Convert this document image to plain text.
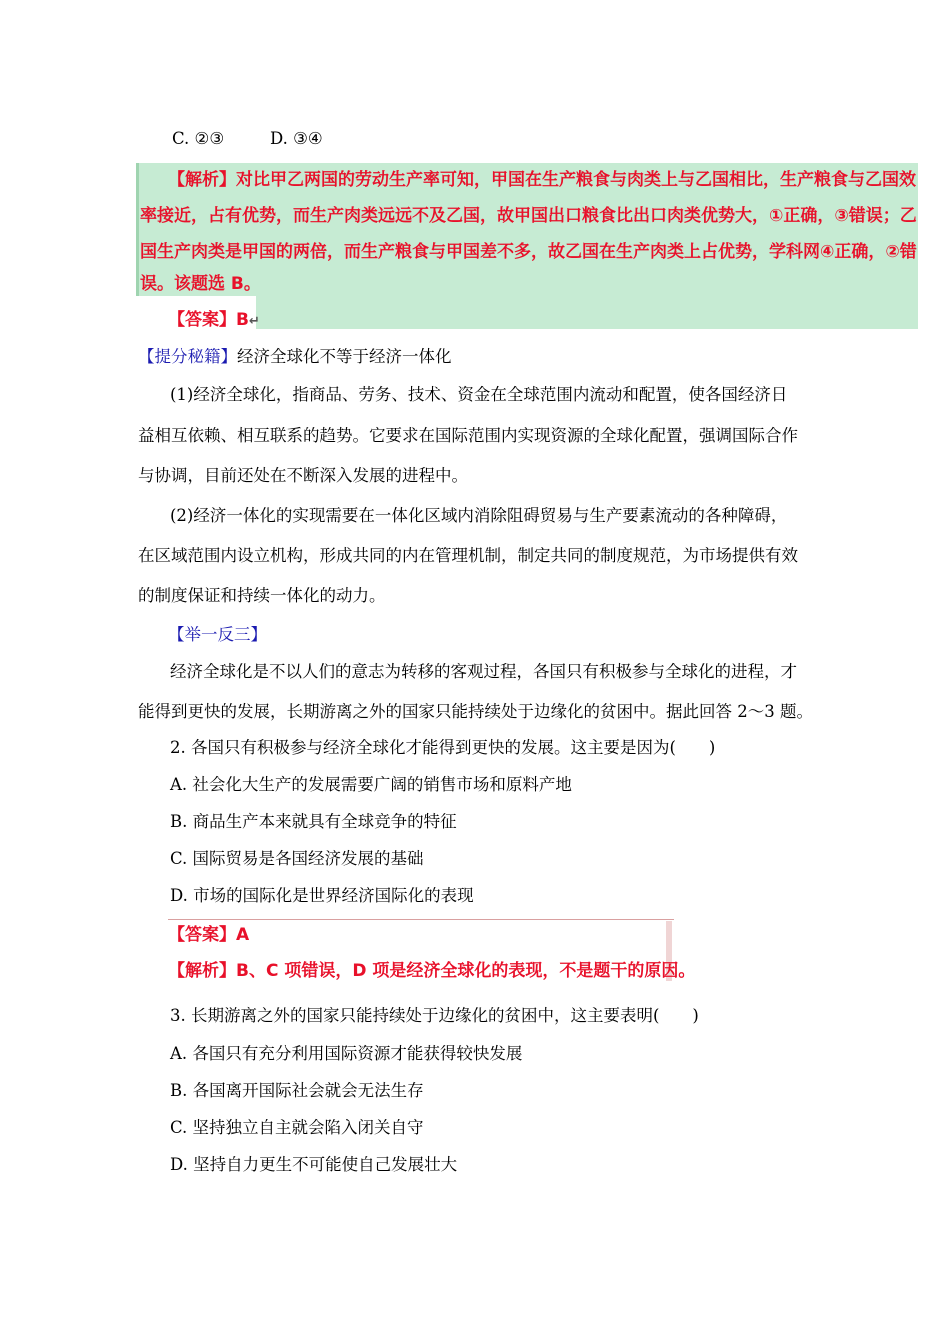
C. ②③	D. ③④
【解析】对比甲乙两国的劳动生产率可知，甲国在生产粮食与肉类上与乙国相比，生产粮食与乙国效
率接近，占有优势，而生产肉类远远不及乙国，故甲国出口粮食比出口肉类优势大，①正确，③错误；乙
国生产肉类是甲国的两倍，而生产粮食与甲国差不多，故乙国在生产肉类上占优势，学科网④正确，②错
误。该题选 B。
【答案】B↵
【提分秘籍】经济全球化不等于经济一体化
(1)经济全球化，指商品、劳务、技术、资金在全球范围内流动和配置，使各国经济日
益相互依赖、相互联系的趋势。它要求在国际范围内实现资源的全球化配置，强调国际合作
与协调，目前还处在不断深入发展的进程中。
(2)经济一体化的实现需要在一体化区域内消除阻碍贸易与生产要素流动的各种障碍，
在区域范围内设立机构，形成共同的内在管理机制，制定共同的制度规范，为市场提供有效
的制度保证和持续一体化的动力。
【举一反三】
经济全球化是不以人们的意志为转移的客观过程，各国只有积极参与全球化的进程，才
能得到更快的发展，长期游离之外的国家只能持续处于边缘化的贫困中。据此回答 2～3 题。
2. 各国只有积极参与经济全球化才能得到更快的发展。这主要是因为(　　)
A. 社会化大生产的发展需要广阔的销售市场和原料产地
B. 商品生产本来就具有全球竞争的特征
C. 国际贸易是各国经济发展的基础
D. 市场的国际化是世界经济国际化的表现
【答案】A
【解析】B、C 项错误，D 项是经济全球化的表现，不是题干的原因。
3. 长期游离之外的国家只能持续处于边缘化的贫困中，这主要表明(　　)
A. 各国只有充分利用国际资源才能获得较快发展
B. 各国离开国际社会就会无法生存
C. 坚持独立自主就会陷入闭关自守
D. 坚持自力更生不可能使自己发展壮大
